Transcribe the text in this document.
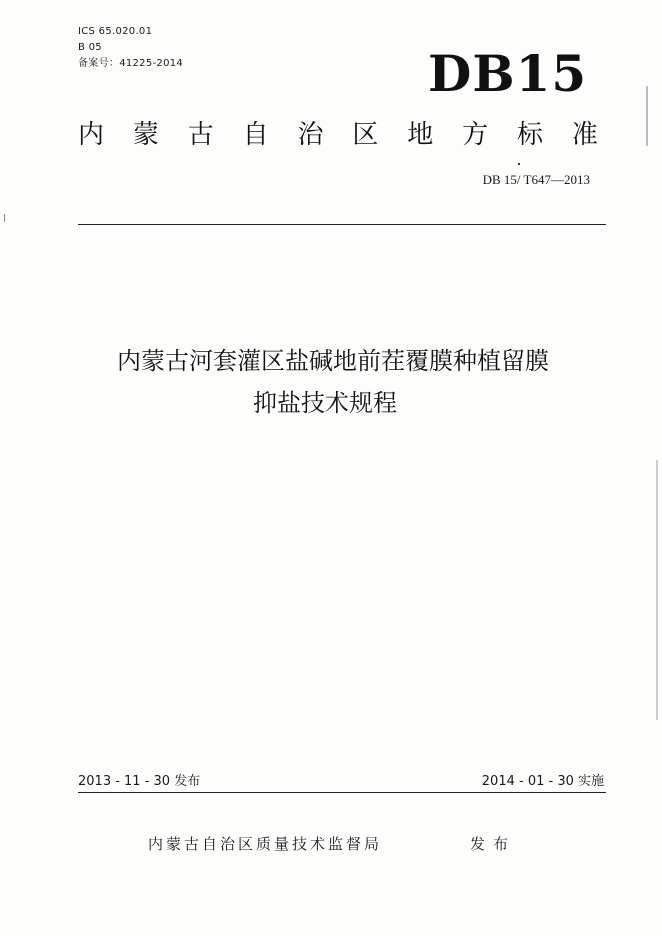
ICS 65.020.01
B 05
备案号：41225-2014	DB15
内 蒙 古 自 治 区 地 方 标 准
DB 15/ T647—2013
内蒙古河套灌区盐碱地前茬覆膜种植留膜
抑盐技术规程
2013 - 11 - 30 发布	2014 - 01 - 30 实施
内蒙古自治区质量技术监督局	发布
